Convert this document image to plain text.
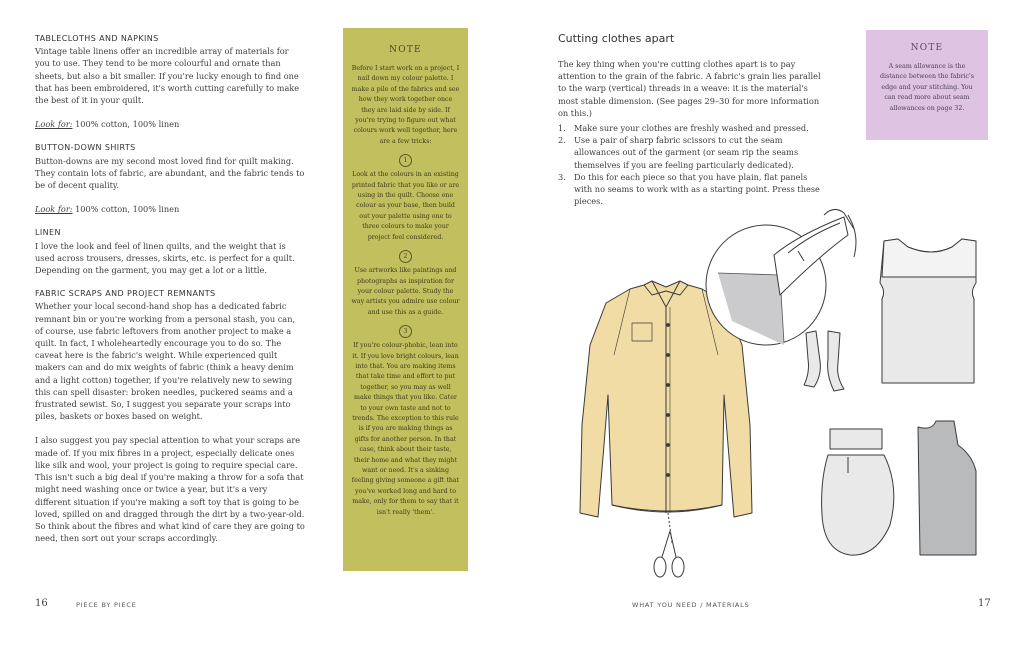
TABLECLOTHS AND NAPKINS

Vintage table linens offer an incredible array of materials for you to use. They tend to be more colourful and ornate than sheets, but also a bit smaller. If you're lucky enough to find one that has been embroidered, it's worth cutting carefully to make the best of it in your quilt.

Look for: 100% cotton, 100% linen

BUTTON-DOWN SHIRTS

Button-downs are my second most loved find for quilt making. They contain lots of fabric, are abundant, and the fabric tends to be of decent quality.

Look for: 100% cotton, 100% linen

LINEN

I love the look and feel of linen quilts, and the weight that is used across trousers, dresses, skirts, etc. is perfect for a quilt. Depending on the garment, you may get a lot or a little.

FABRIC SCRAPS AND PROJECT REMNANTS

Whether your local second-hand shop has a dedicated fabric remnant bin or you're working from a personal stash, you can, of course, use fabric leftovers from another project to make a quilt. In fact, I wholeheartedly encourage you to do so. The caveat here is the fabric's weight. While experienced quilt makers can and do mix weights of fabric (think a heavy denim and a light cotton) together, if you're relatively new to sewing this can spell disaster: broken needles, puckered seams and a frustrated sewist. So, I suggest you separate your scraps into piles, baskets or boxes based on weight.

I also suggest you pay special attention to what your scraps are made of. If you mix fibres in a project, especially delicate ones like silk and wool, your project is going to require special care. This isn't such a big deal if you're making a throw for a sofa that might need washing once or twice a year, but it's a very different situation if you're making a soft toy that is going to be loved, spilled on and dragged through the dirt by a two-year-old. So think about the fibres and what kind of care they are going to need, then sort out your scraps accordingly.

NOTE
Before I start work on a project, I nail down my colour palette. I make a pile of the fabrics and see how they work together once they are laid side by side. If you're trying to figure out what colours work well together, here are a few tricks:
1
Look at the colours in an existing printed fabric that you like or are using in the quilt. Choose one colour as your base, then build out your palette using one to three colours to make your project feel considered.
2
Use artworks like paintings and photographs as inspiration for your colour palette. Study the way artists you admire use colour and use this as a guide.
3
If you're colour-phobic, lean into it. If you love bright colours, lean into that. You are making items that take time and effort to put together, so you may as well make things that you like. Cater to your own taste and not to trends. The exception to this rule is if you are making things as gifts for another person. In that case, think about their taste, their home and what they might want or need. It's a sinking feeling giving someone a gift that you've worked long and hard to make, only for them to say that it isn't really 'them'.
16	PIECE BY PIECE
Cutting clothes apart
The key thing when you're cutting clothes apart is to pay attention to the grain of the fabric. A fabric's grain lies parallel to the warp (vertical) threads in a weave: it is the material's most stable dimension. (See pages 29–30 for more information on this.)
1. Make sure your clothes are freshly washed and pressed.
2. Use a pair of sharp fabric scissors to cut the seam allowances out of the garment (or seam rip the seams themselves if you are feeling particularly dedicated).
3. Do this for each piece so that you have plain, flat panels with no seams to work with as a starting point. Press these pieces.
NOTE
A seam allowance is the distance between the fabric's edge and your stitching. You can read more about seam allowances on page 32.
WHAT YOU NEED / MATERIALS	17
